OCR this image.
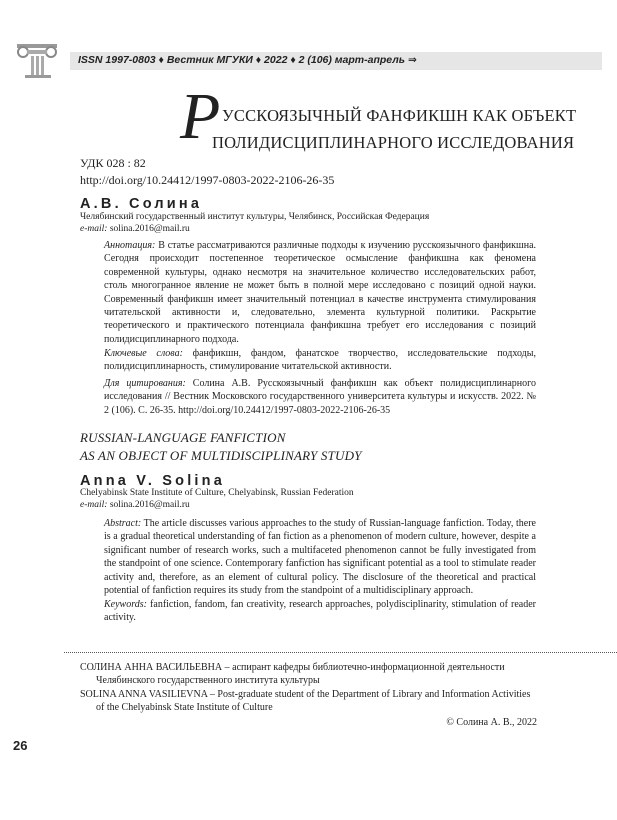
ISSN 1997-0803 ♦ Вестник МГУКИ ♦ 2022 ♦ 2 (106) март-апрель ⇒
Р УССКОЯЗЫЧНЫЙ ФАНФИКШН КАК ОБЪЕКТ
ПОЛИДИСЦИПЛИНАРНОГО ИССЛЕДОВАНИЯ
УДК 028 : 82
http://doi.org/10.24412/1997-0803-2022-2106-26-35
А.В. Солина
Челябинский государственный институт культуры, Челябинск, Российская Федерация
e-mail: solina.2016@mail.ru
Аннотация: В статье рассматриваются различные подходы к изучению русскоязычного фанфикшна. Сегодня происходит постепенное теоретическое осмысление фанфикшна как феномена современной культуры, однако несмотря на значительное количество исследовательских работ, столь многогранное явление не может быть в полной мере исследовано с позиций одной науки. Современный фанфикшн имеет значительный потенциал в качестве инструмента стимулирования читательской активности и, следовательно, элемента культурной политики. Раскрытие теоретического и практического потенциала фанфикшна требует его исследования с позиций полидисциплинарного подхода.
Ключевые слова: фанфикшн, фандом, фанатское творчество, исследовательские подходы, полидисциплинарность, стимулирование читательской активности.
Для цитирования: Солина А.В. Русскоязычный фанфикшн как объект полидисциплинарного исследования // Вестник Московского государственного университета культуры и искусств. 2022. № 2 (106). С. 26-35. http://doi.org/10.24412/1997-0803-2022-2106-26-35
RUSSIAN-LANGUAGE FANFICTION
AS AN OBJECT OF MULTIDISCIPLINARY STUDY
Anna V. Solina
Chelyabinsk State Institute of Culture, Chelyabinsk, Russian Federation
e-mail: solina.2016@mail.ru
Abstract: The article discusses various approaches to the study of Russian-language fanfiction. Today, there is a gradual theoretical understanding of fan fiction as a phenomenon of modern culture, however, despite a significant number of research works, such a multifaceted phenomenon cannot be fully investigated from the standpoint of one science. Contemporary fanfiction has significant potential as a tool to stimulate reader activity and, therefore, as an element of cultural policy. The disclosure of the theoretical and practical potential of fanfiction requires its study from the standpoint of a multidisciplinary approach.
Keywords: fanfiction, fandom, fan creativity, research approaches, polydisciplinarity, stimulation of reader activity.
СОЛИНА АННА ВАСИЛЬЕВНА – аспирант кафедры библиотечно-информационной деятельности
Челябинского государственного института культуры
SOLINA ANNA VASILIEVNA – Post-graduate student of the Department of Library and Information Activities
of the Chelyabinsk State Institute of Culture
© Солина А. В., 2022
26
